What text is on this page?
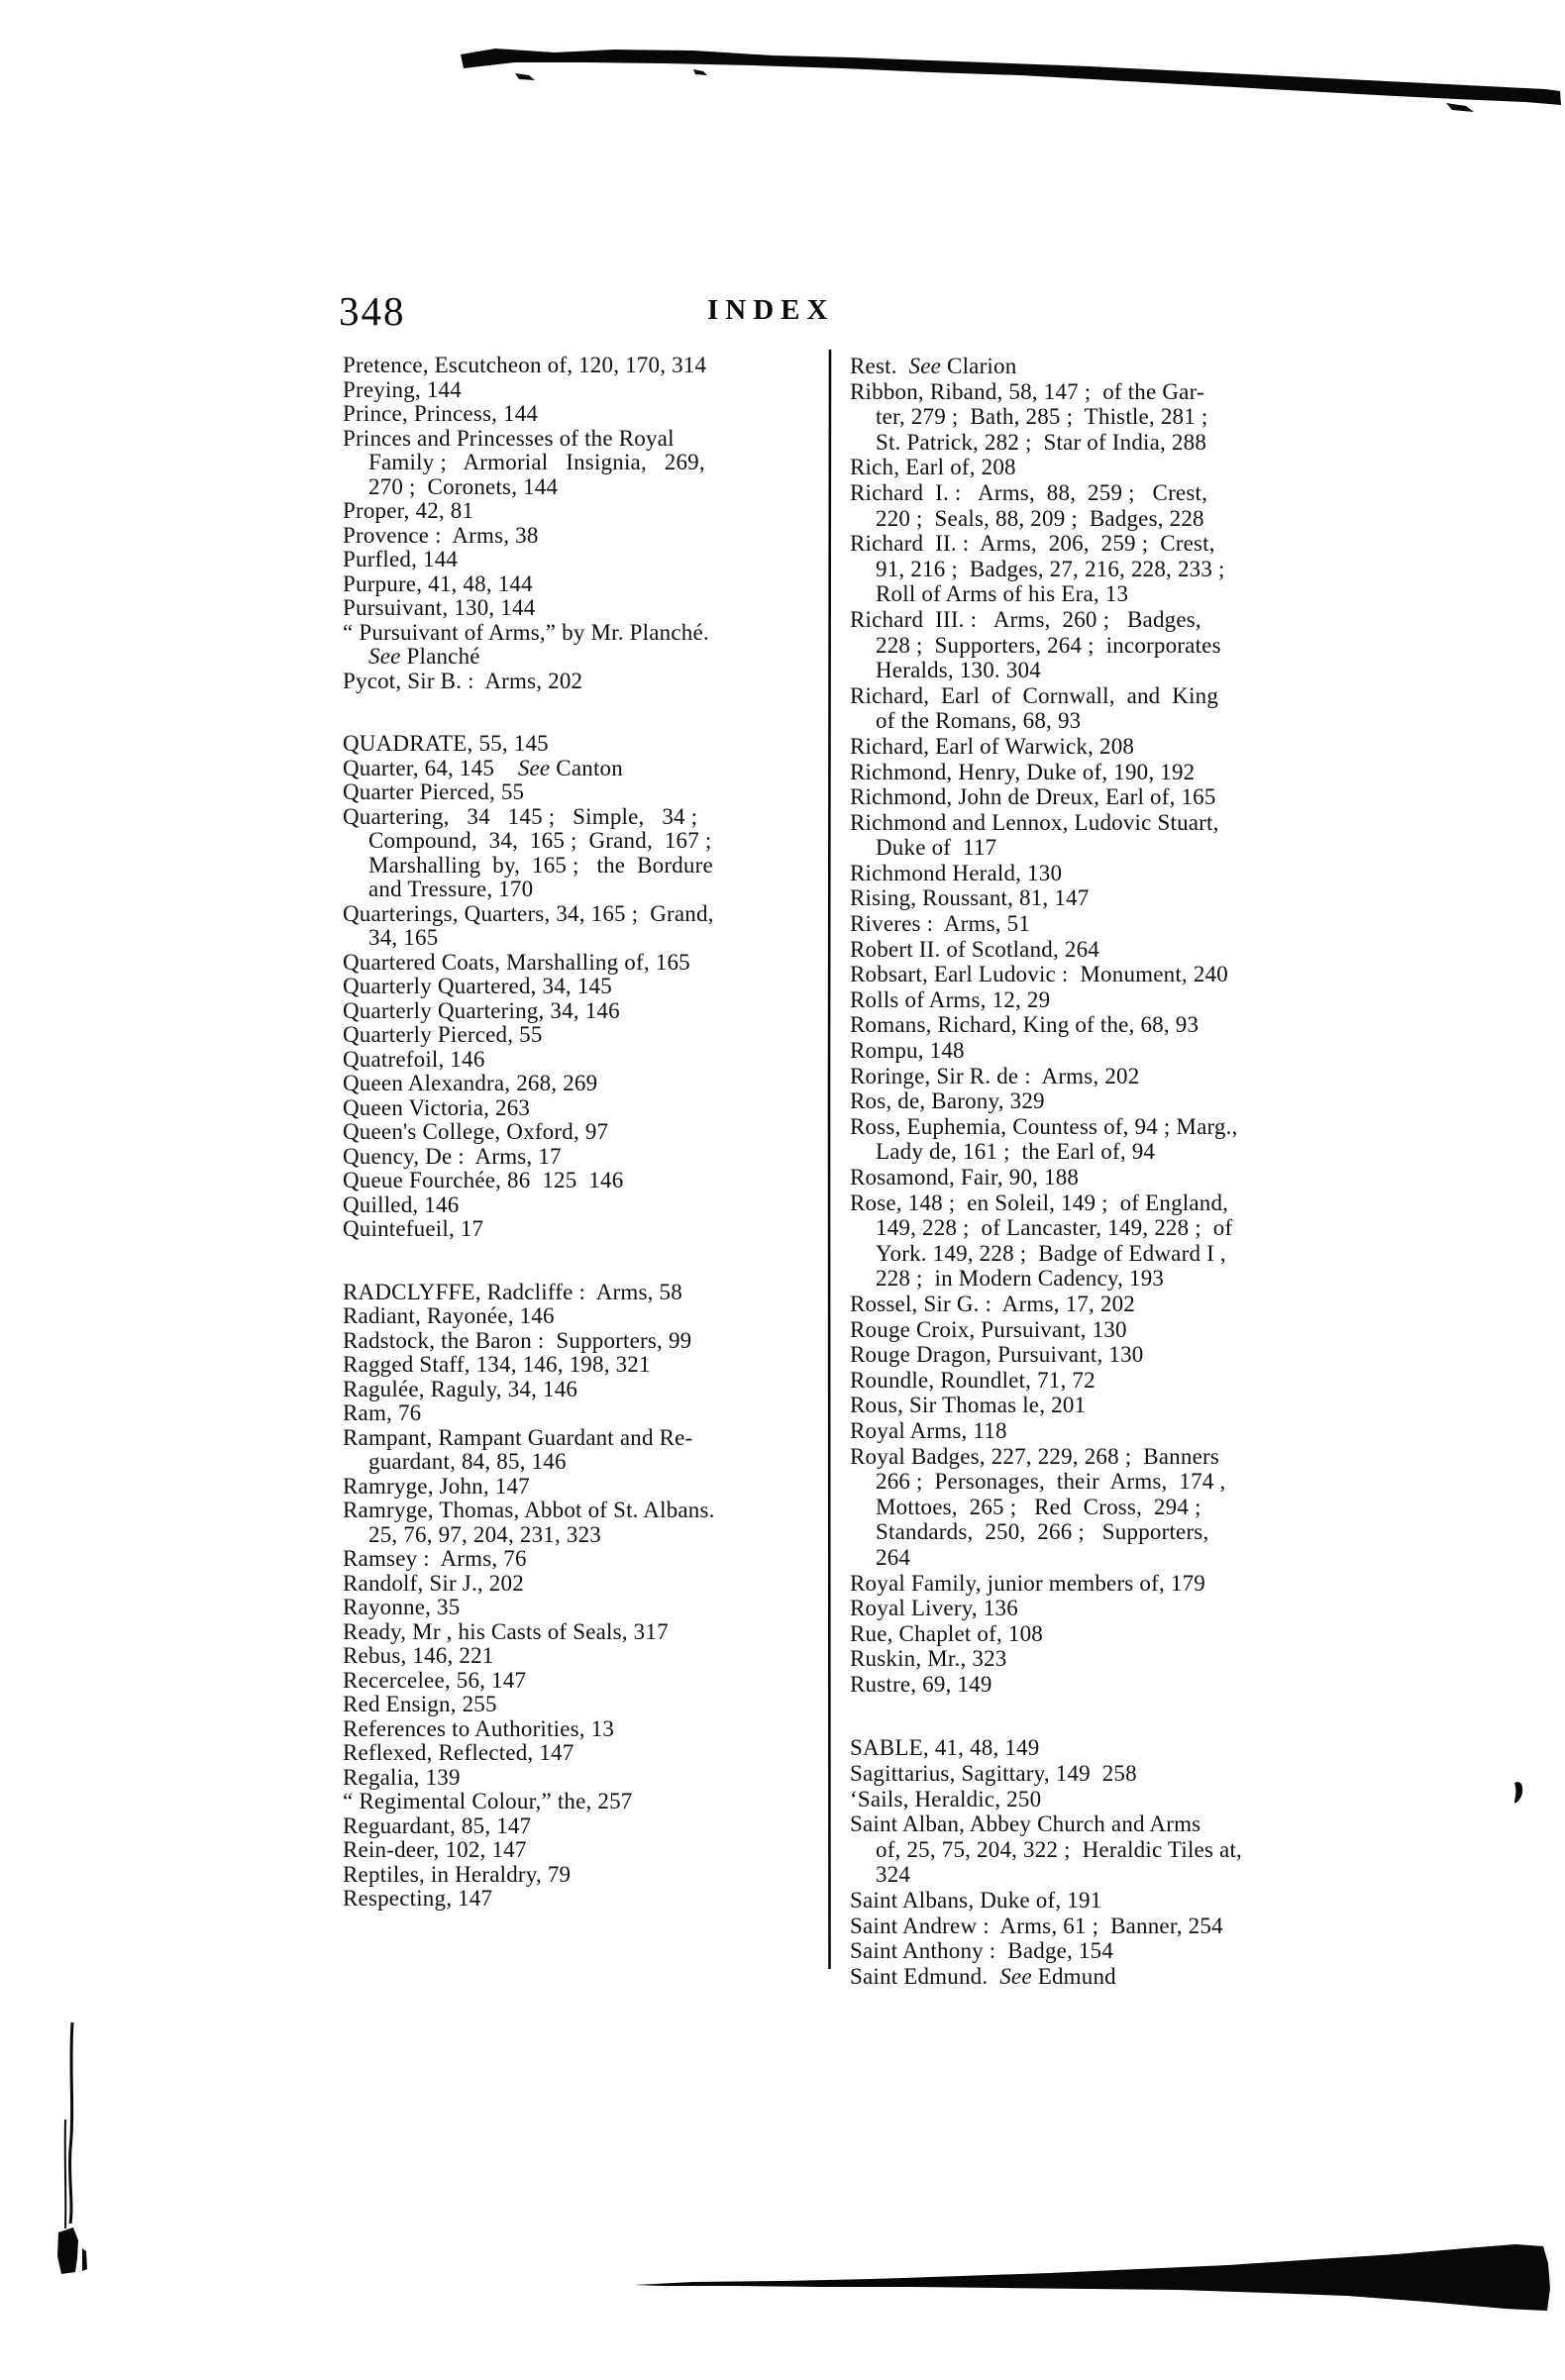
348	INDEX
Pretence, Escutcheon of, 120, 170, 314
Preying, 144
Prince, Princess, 144
Princes and Princesses of the Royal
Family ;   Armorial   Insignia,   269,
270 ;  Coronets, 144
Proper, 42, 81
Provence :  Arms, 38
Purfled, 144
Purpure, 41, 48, 144
Pursuivant, 130, 144
“ Pursuivant of Arms,” by Mr. Planché.
See Planché
Pycot, Sir B. :  Arms, 202
QUADRATE, 55, 145
Quarter, 64, 145    See Canton
Quarter Pierced, 55
Quartering,   34   145 ;   Simple,   34 ;
Compound,  34,  165 ;  Grand,  167 ;
Marshalling  by,  165 ;   the  Bordure
and Tressure, 170
Quarterings, Quarters, 34, 165 ;  Grand,
34, 165
Quartered Coats, Marshalling of, 165
Quarterly Quartered, 34, 145
Quarterly Quartering, 34, 146
Quarterly Pierced, 55
Quatrefoil, 146
Queen Alexandra, 268, 269
Queen Victoria, 263
Queen's College, Oxford, 97
Quency, De :  Arms, 17
Queue Fourchée, 86  125  146
Quilled, 146
Quintefueil, 17
RADCLYFFE, Radcliffe :  Arms, 58
Radiant, Rayonée, 146
Radstock, the Baron :  Supporters, 99
Ragged Staff, 134, 146, 198, 321
Ragulée, Raguly, 34, 146
Ram, 76
Rampant, Rampant Guardant and Re-
guardant, 84, 85, 146
Ramryge, John, 147
Ramryge, Thomas, Abbot of St. Albans.
25, 76, 97, 204, 231, 323
Ramsey :  Arms, 76
Randolf, Sir J., 202
Rayonne, 35
Ready, Mr , his Casts of Seals, 317
Rebus, 146, 221
Recercelee, 56, 147
Red Ensign, 255
References to Authorities, 13
Reflexed, Reflected, 147
Regalia, 139
“ Regimental Colour,” the, 257
Reguardant, 85, 147
Rein-deer, 102, 147
Reptiles, in Heraldry, 79
Respecting, 147
Rest.  See Clarion
Ribbon, Riband, 58, 147 ;  of the Gar-
ter, 279 ;  Bath, 285 ;  Thistle, 281 ;
St. Patrick, 282 ;  Star of India, 288
Rich, Earl of, 208
Richard  I. :   Arms,  88,  259 ;   Crest,
220 ;  Seals, 88, 209 ;  Badges, 228
Richard  II. :  Arms,  206,  259 ;  Crest,
91, 216 ;  Badges, 27, 216, 228, 233 ;
Roll of Arms of his Era, 13
Richard  III. :   Arms,  260 ;   Badges,
228 ;  Supporters, 264 ;  incorporates
Heralds, 130. 304
Richard,  Earl  of  Cornwall,  and  King
of the Romans, 68, 93
Richard, Earl of Warwick, 208
Richmond, Henry, Duke of, 190, 192
Richmond, John de Dreux, Earl of, 165
Richmond and Lennox, Ludovic Stuart,
Duke of  117
Richmond Herald, 130
Rising, Roussant, 81, 147
Riveres :  Arms, 51
Robert II. of Scotland, 264
Robsart, Earl Ludovic :  Monument, 240
Rolls of Arms, 12, 29
Romans, Richard, King of the, 68, 93
Rompu, 148
Roringe, Sir R. de :  Arms, 202
Ros, de, Barony, 329
Ross, Euphemia, Countess of, 94 ; Marg.,
Lady de, 161 ;  the Earl of, 94
Rosamond, Fair, 90, 188
Rose, 148 ;  en Soleil, 149 ;  of England,
149, 228 ;  of Lancaster, 149, 228 ;  of
York. 149, 228 ;  Badge of Edward I ,
228 ;  in Modern Cadency, 193
Rossel, Sir G. :  Arms, 17, 202
Rouge Croix, Pursuivant, 130
Rouge Dragon, Pursuivant, 130
Roundle, Roundlet, 71, 72
Rous, Sir Thomas le, 201
Royal Arms, 118
Royal Badges, 227, 229, 268 ;  Banners
266 ;  Personages,  their  Arms,  174 ,
Mottoes,  265 ;   Red  Cross,  294 ;
Standards,  250,  266 ;   Supporters,
264
Royal Family, junior members of, 179
Royal Livery, 136
Rue, Chaplet of, 108
Ruskin, Mr., 323
Rustre, 69, 149
SABLE, 41, 48, 149
Sagittarius, Sagittary, 149  258
‘Sails, Heraldic, 250
Saint Alban, Abbey Church and Arms
of, 25, 75, 204, 322 ;  Heraldic Tiles at,
324
Saint Albans, Duke of, 191
Saint Andrew :  Arms, 61 ;  Banner, 254
Saint Anthony :  Badge, 154
Saint Edmund.  See Edmund
